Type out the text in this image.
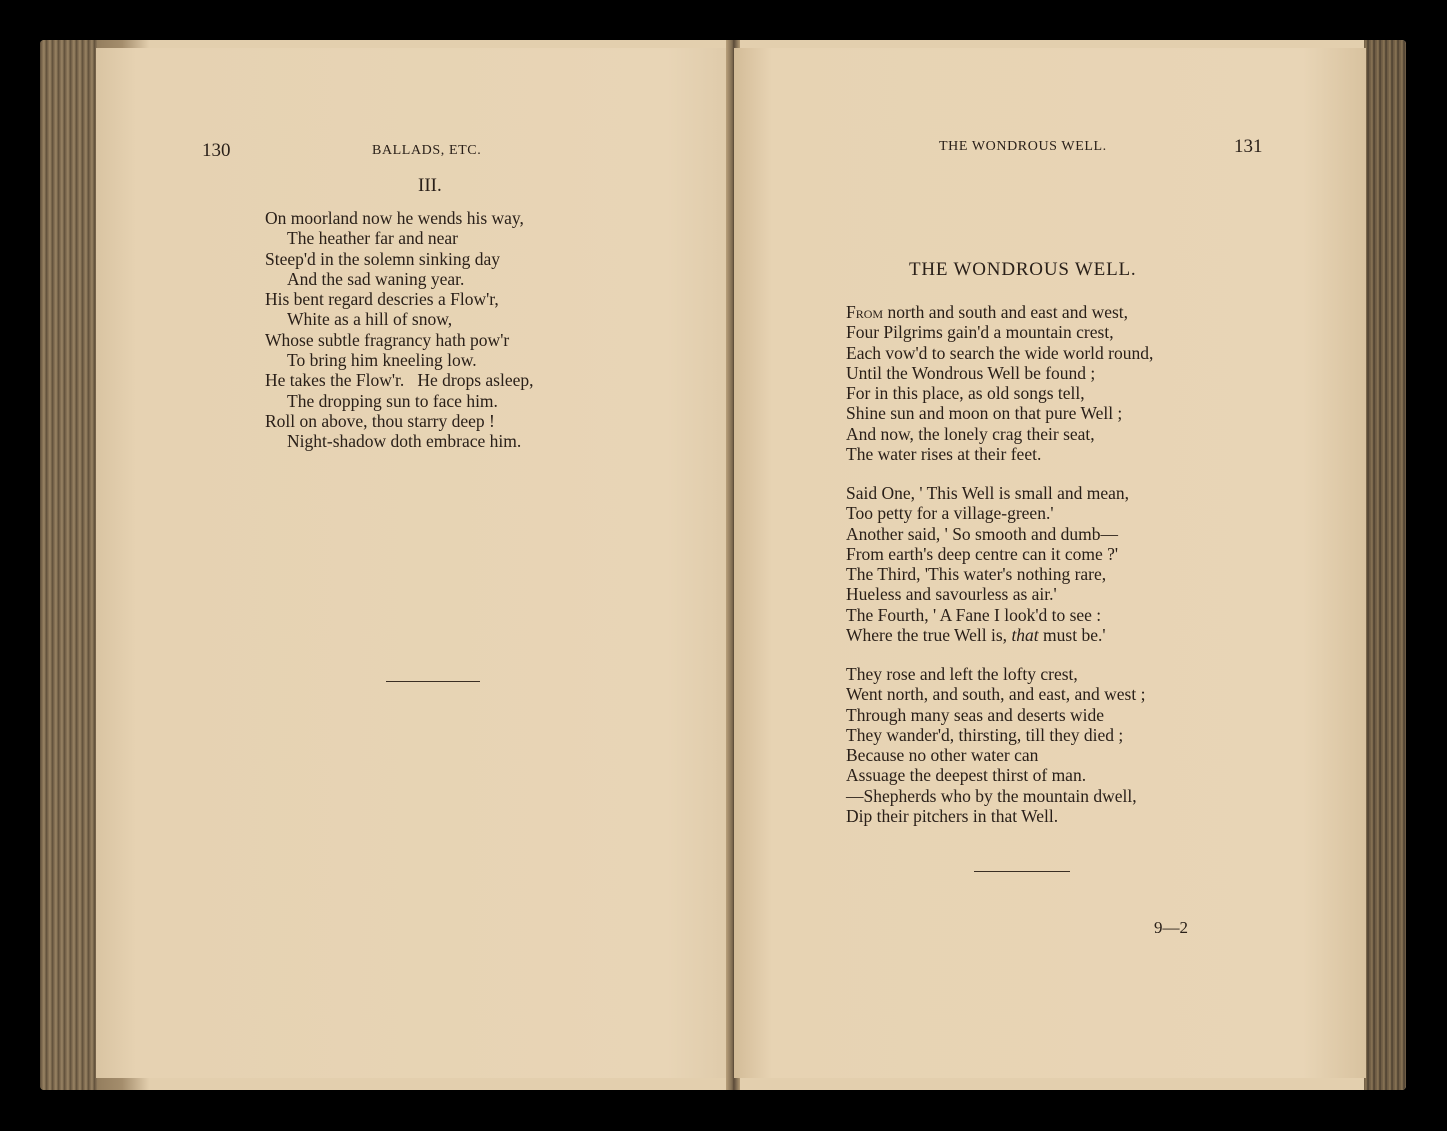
130	BALLADS, ETC.
III.
On moorland now he wends his way,
The heather far and near
Steep'd in the solemn sinking day
And the sad waning year.
His bent regard descries a Flow'r,
White as a hill of snow,
Whose subtle fragrancy hath pow'r
To bring him kneeling low.
He takes the Flow'r.   He drops asleep,
The dropping sun to face him.
Roll on above, thou starry deep !
Night-shadow doth embrace him.
THE WONDROUS WELL.	131
THE WONDROUS WELL.
From north and south and east and west,
Four Pilgrims gain'd a mountain crest,
Each vow'd to search the wide world round,
Until the Wondrous Well be found ;
For in this place, as old songs tell,
Shine sun and moon on that pure Well ;
And now, the lonely crag their seat,
The water rises at their feet.
Said One, ' This Well is small and mean,
Too petty for a village-green.'
Another said, ' So smooth and dumb—
From earth's deep centre can it come ?'
The Third, 'This water's nothing rare,
Hueless and savourless as air.'
The Fourth, ' A Fane I look'd to see :
Where the true Well is, that must be.'
They rose and left the lofty crest,
Went north, and south, and east, and west ;
Through many seas and deserts wide
They wander'd, thirsting, till they died ;
Because no other water can
Assuage the deepest thirst of man.
—Shepherds who by the mountain dwell,
Dip their pitchers in that Well.
9—2
